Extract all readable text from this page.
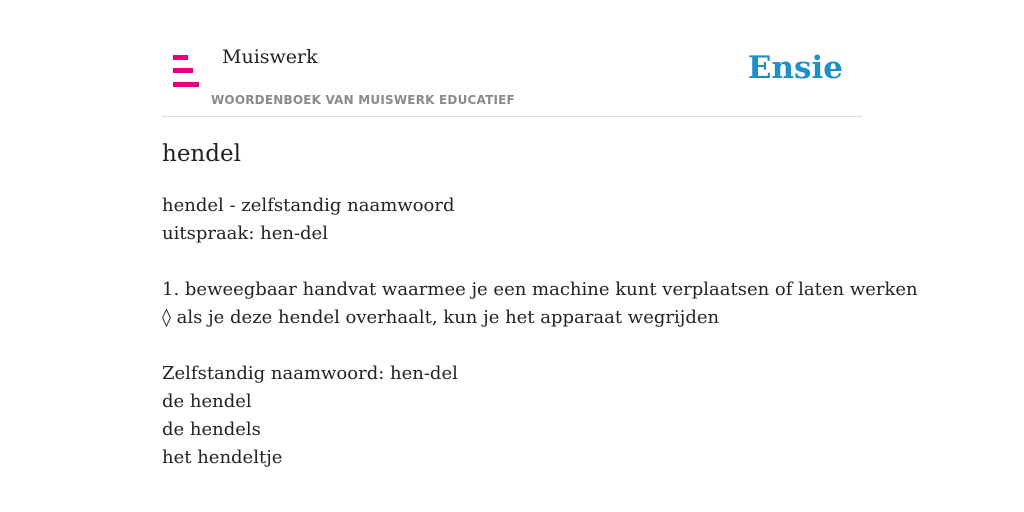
Muiswerk
WOORDENBOEK VAN MUISWERK EDUCATIEF
Ensie
hendel
hendel - zelfstandig naamwoord
uitspraak: hen-del
1. beweegbaar handvat waarmee je een machine kunt verplaatsen of laten werken
◊ als je deze hendel overhaalt, kun je het apparaat wegrijden
Zelfstandig naamwoord: hen-del
de hendel
de hendels
het hendeltje
